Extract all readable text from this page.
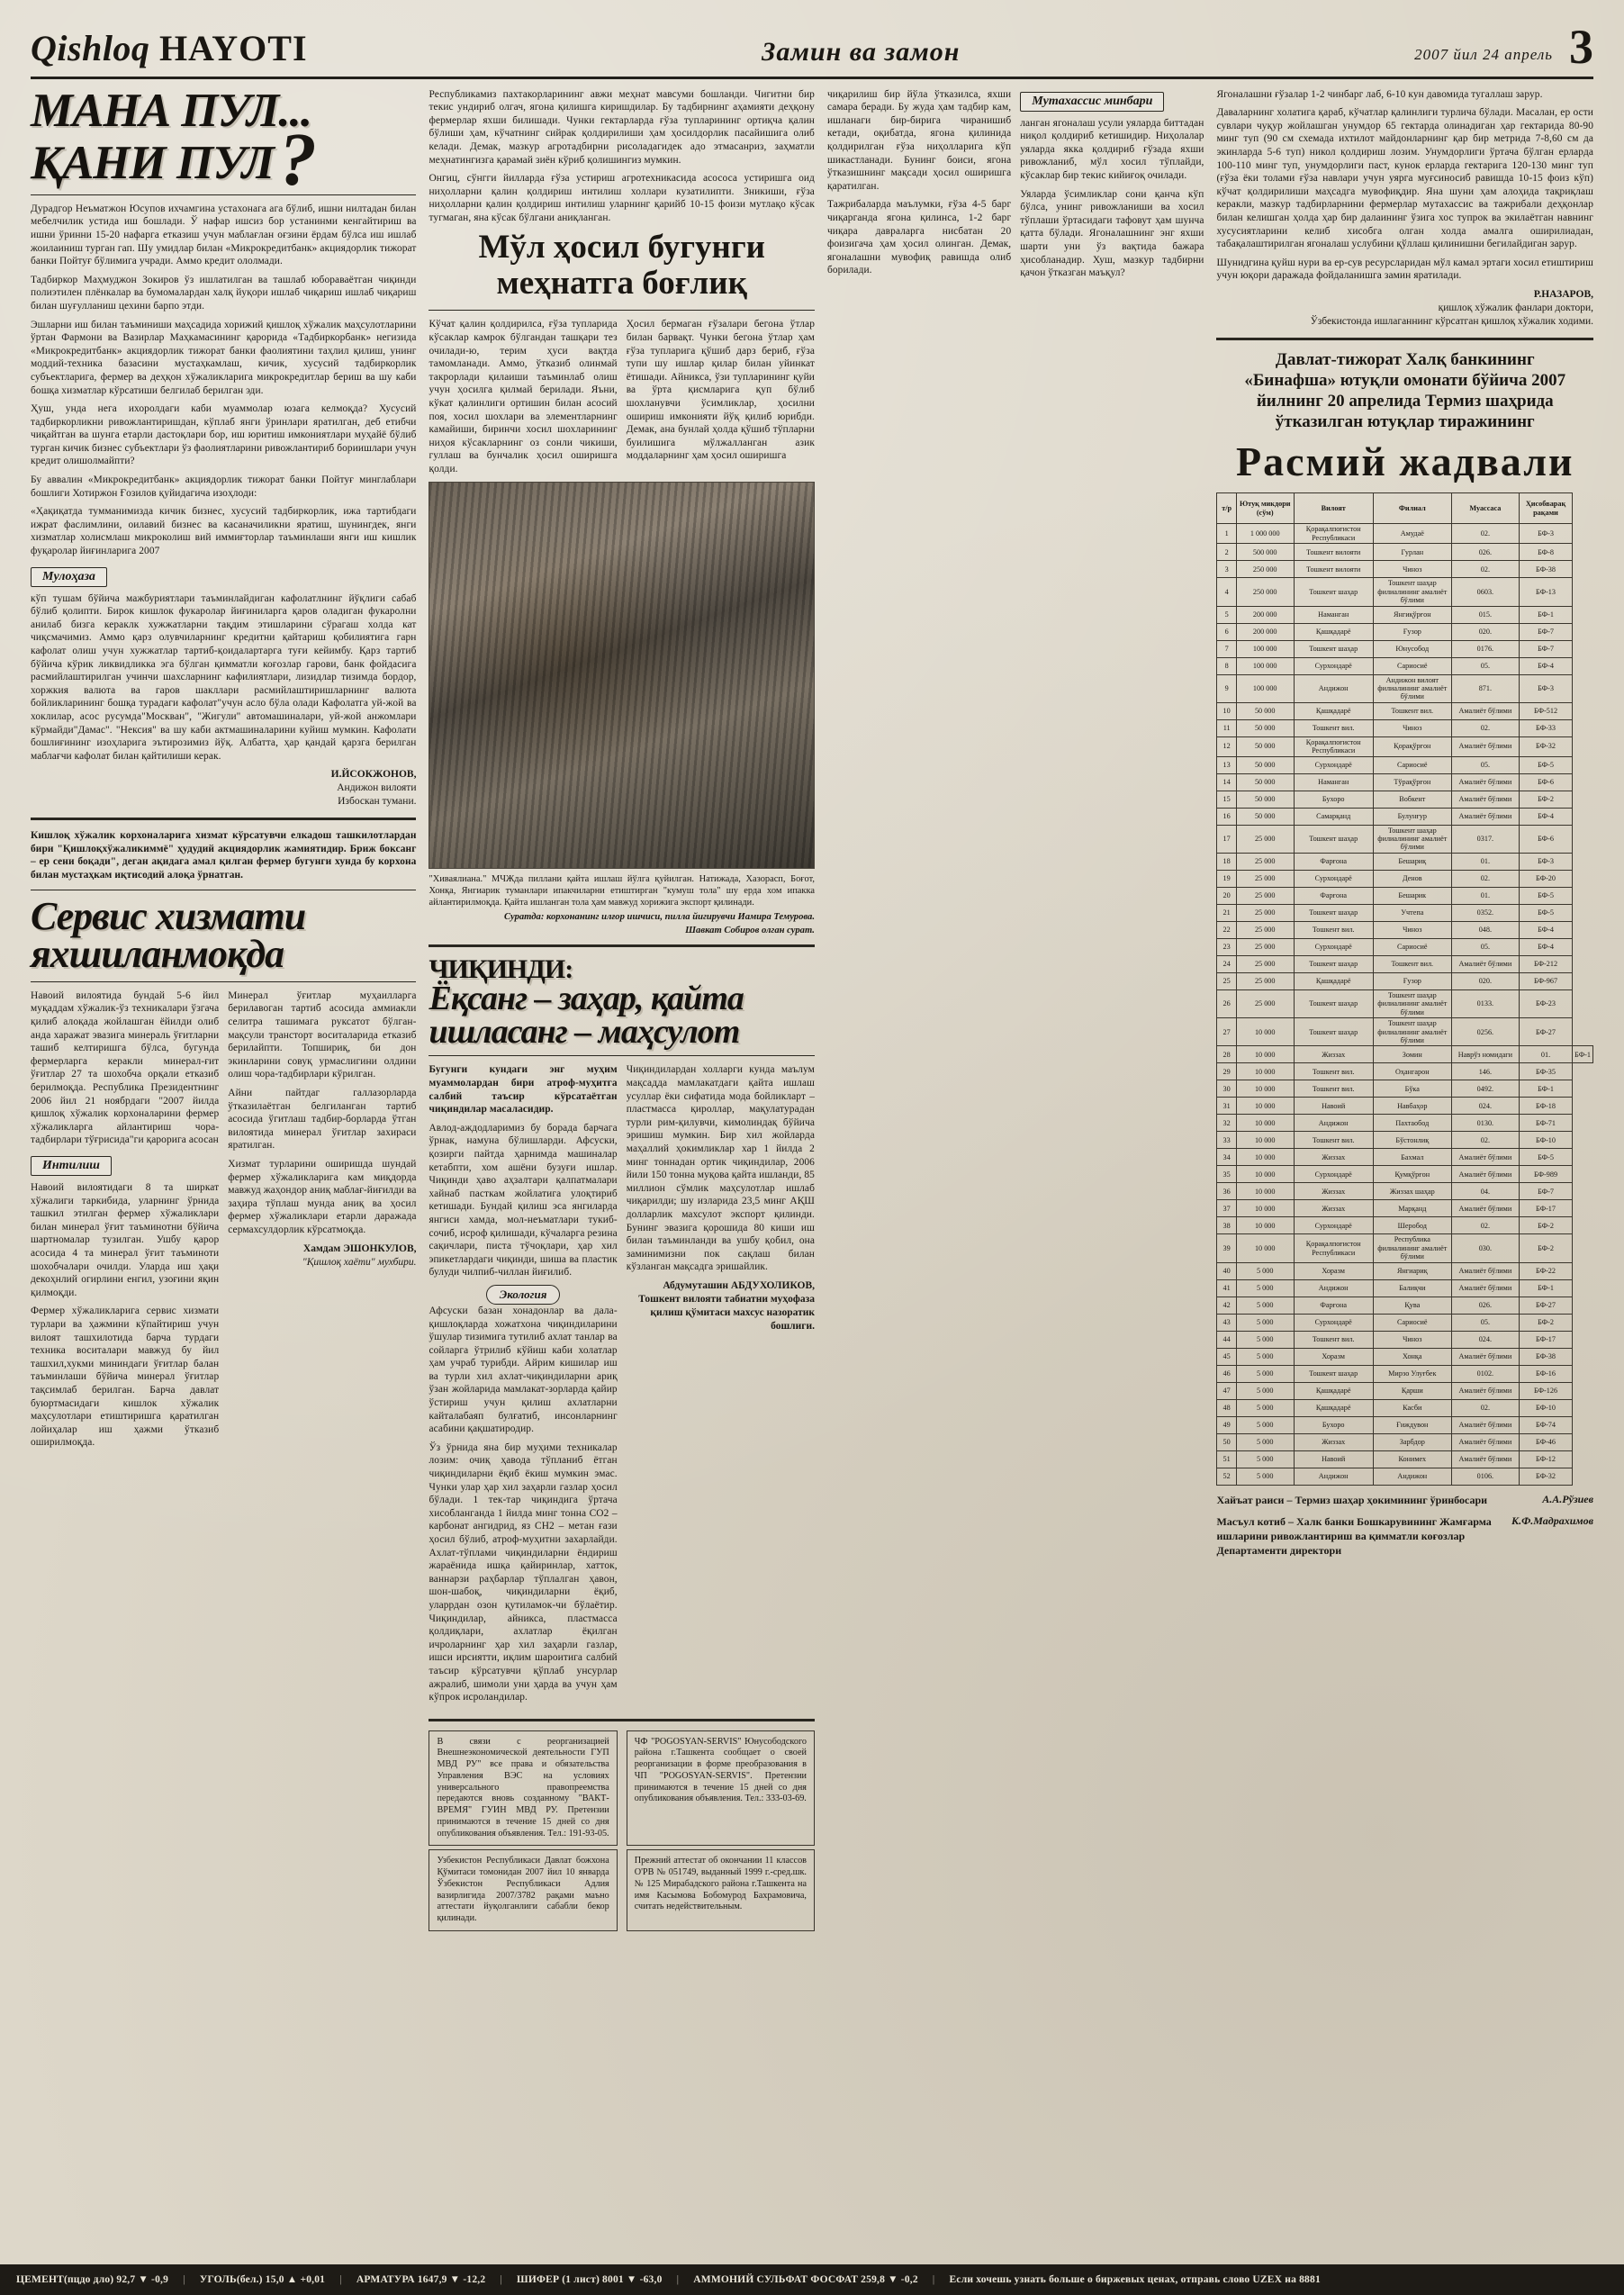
Qishloq HAYOTI	Замин ва замон	2007 йил 24 апрель 3
МАНА ПУЛ...
ҚАНИ ПУЛ ?

Дурадгор Неъматжон Юсупов ихчамгина устахонага ага бўлиб, ишни нилтадан билан мебелчилик устида иш бошлади. Ў нафар ишсиз бор устанинми кенгайтириш ва ишни ўринни 15-20 нафарга етказиш учун маблағлан оғзини ёрдам бўлса иш ишлаб жоилаиниш турган гап. Шу умидлар билан «Микрокредитбанк» акциядорлик тижорат банки Пойтуғ бўлимига учради. Аммо кредит ололмади.

Тадбиркор Маҳмуджон Зокиров ўз ишлатилган ва ташлаб юбораваётган чиқинди полиэтилен плёнкалар ва бумомалардан халқ йуқори ишлаб чиқариш ишлаб чиқариш билан шуғулланиш цехини барпо этди.

Эшларни иш билан таъминиши маҳсадида хорижий қишлоқ хўжалик маҳсулотларини ўртан Фармони ва Вазирлар Маҳкамасининг қарорида «Тадбиркорбанк» негизида «Микрокредитбанк» акциядорлик тижорат банки фаолиятини таҳлил қилиш, унинг моддий-техника базасини мустаҳкамлаш, кичик, хусусий тадбиркорлик субъектларига, фермер ва деҳқон хўжаликларига микрокредитлар бериш ва шу каби бошқа хизматлар кўрсатиши белгилаб берилган эди.

Ҳуш, унда нега ихоролдаги каби муаммолар юзага келмоқда? Хусусий тадбиркорликни ривожлантиришдан, кўплаб янги ўринлари яратилган, деб етибчи чиқайтган ва шунга етарли дастоқлари бор, иш юритиш имкониятлари муҳайё бўлиб турган кичик бизнес субъектлари ўз фаолиятларини ривожлантириб бориишлари учун кредит олишолмайпти?

Бу аввалин «Микрокредитбанк» акциядорлик тижорат банки Пойтуғ минглаблари бошлиги Хотиржон Ғозилов қуйидагича изоҳлоди:

«Ҳақиқатда тумманимизда кичик бизнес, хусусий тадбиркорлик, ижа тартибдаги ижрат фаслимлини, оилавий бизнес ва касаначиликни яратиш, шунингдек, янги хизматлар холисмлаш микроколиш вий иммиғторлар таъминлаши янги иш кишлик фуқаролар йиғинларига 2007

Мулоҳаза

кўп тушам бўйича мажбуриятлари таъминлайдиган кафолатлнинг йўқлиги сабаб бўлиб қолипти. Бирок кишлок фукаролар йиғиниларга қаров оладиган фукаролни анилаб бизга кераклк хужжатларни тақдим этишларини сўрагаш холда кат чиқсмачимиз. Аммо қарз олувчиларнинг кредитни қайтариш қобилиятига гарн кафолат олиш учун хужжатлар тартиб-қоидалартарга туғи кейимбу. Қарз тартиб бўйича кўрик ликвидликка эга бўлган қимматли коғозлар гарови, банк фойдасига расмийлаштирилган учинчи шахсларнинг кафилиятлари, лизидлар тизимда бордор, хоржкия валюта ва гаров шакллари расмийлаштиришларнинг валюта бойликларининг бошқа турадаги кафолат"учун асло бўла олади Кафолатга уй-жой ва хоклилар, асос русумда"Москван", "Жигули" автомашиналари, уй-жой анжомлари кўрмайди"Дамас". "Нексия" ва шу каби актмашиналарини куйиш мумкин. Кафолати бошлиғининг изоҳларига эътирозимиз йўқ. Албатта, ҳар қандай қарзга берилган маблағчи кафолат билан қайтилиши керак.

И.ЙСОКЖОНОВ,
Андижон вилояти
Избоскан тумани.

Кишлоқ хўжалик корхоналарига хизмат кўрсатувчи елкадош ташкилотлардан бири "Қишлоқхўжаликиммё" ҳудудий акциядорлик жамиятидир. Бриж боксанг – ер сени боқади", деган ақидага амал қилган фермер бугунги хунда бу корхона билан мустаҳкам иқтисодий алоқа ўрнатган.

Сервис хизмати
яхшиланмоқда

Навоий вилоятида бундай 5-6 йил муқаддам хўжалик-ўз техникалари ўзгача қилиб алоқада жойлашган ёйилди олиб анда харажат эвазига минераль ўғитларни ташиб келтиришга бўлса, бугунда фермерларга керакли минерал-ғит ўғитлар 27 та шохобча орқали етказиб берилмоқда. Республика Президентнинг 2006 йил 21 ноябрдаги "2007 йилда қишлоқ хўжалик корхоналарини фермер хўжаликларга айлантириш чора-тадбирлари тўғрисида"ги қарорига асосан

Интилиш

Навоий вилоятидаги 8 та ширкат хўжалиги таркибида, уларнинг ўрнида ташкил этилган фермер хўжаликлари билан минерал ўғит таъминотни бўйича шартномалар тузилган. Ушбу қарор асосида 4 та минерал ўғит таъминоти шохобчалари очилди. Уларда иш ҳақи декоҳнлий огирлини енгил, узоғини яқин қилмоқди.

Фермер хўжаликларига сервис хизмати турлари ва ҳажмини кўпайтириш учун вилоят ташхилотида барча турдаги техника воситалари мавжуд бу йил ташхил,хукми мининдаги ўғитлар балан таъминлаши бўйича минерал ўғитлар тақсимлаб берилган. Барча давлат буюртмасидаги кишлок хўжалик маҳсулотлари етиштиришга қаратилган лойиҳалар иш ҳажми ўтказиб оширилмоқда.

Минерал ўғитлар муҳаилларга берилавоган тартиб асосида аммиакли селитра ташимага руксатот бўлган-мақсули трансторт воситаларида етказиб берилайпти. Топшириқ, би дон экинларини совуқ урмаслигини олдини олиш чора-тадбирлари кўрилган.

Айни пайтдаг галлазорларда ўтказилаётган белгиланган тартиб асосида ўгитлаш тадбир-борларда ўтган вилоятида минерал ўғитлар захираси яратилган.

Хизмат турларини оширишда шундай фермер хўжаликларига кам миқдорда мавжуд жаҳондор аниқ маблағ-йиғилди ва заҳира тўплаш мунда аниқ ва ҳосил фермер хўжаликлари етарли даражада сермахсулдорлик кўрсатмоқда.

Хамдам ЭШОНКУЛОВ,
"Қишлоқ хаёти" мухбири.

Республикамиз пахтакорларининг авжи меҳнат мавсуми бошланди. Чигитни бир текис ундириб олгач, ягона қилишга киришдилар. Бу тадбирнинг аҳамияти деҳқону фермерлар яхши билишади. Чунки гектарларда ғўза тупларининг ортиқча қалин бўлиши ҳам, кўчатнинг сийрак қолдирилиши ҳам ҳосилдорлик пасайишига олиб келади. Демак, мазкур агротадбирни рисоладагидек адо этмасанриз, заҳматли меҳнатингизга қарамай зиён кўриб қолишингиз мумкин.

Онгиц, сўнгги йилларда ғўза устириш агротехникасида асососа устиришга оид ниҳолларни қалин қолдириш интилиш холлари кузатилипти. Зникиши, ғўза ниҳолларни қалин қолдириш интилиш уларнинг қарийб 10-15 фоизи мутлақо кўсак тугмаган, яна кўсак бўлгани аниқланган.

Мўл ҳосил бугунги
меҳнатга боғлиқ

Кўчат қалин қолдирилса, ғўза тупларида кўсаклар камрок бўлгандан ташқари тез очилади-ю, терим ҳуси вақтда тамомланади. Аммо, ўтказиб олинмай такрорлади қилаиши таъминлаб олиш учун ҳосилга қилмай берилади. Яъни, кўкат қалинлиги ортишин билан асосий поя, хосил шохлари ва элементларнинг камайиши, биринчи хосил шохларининг ниҳоя кўсакларнинг оз сонли чикиши, гуллаш ва бунчалик ҳосил оширишга қолди.

Ҳосил бермаган ғўзалари бегона ўтлар билан барвақт. Чунки бегона ўтлар ҳам ғўза тупларига қўшиб дарз бериб, ғўза тупи шу ишлар қилар билан уйинкат ётишади. Айникса, ўзи тупларининг қуйи ва ўрта қисмларига қуп бўлиб шохланувчи ўсимликлар, ҳосилни ошириш имконияти йўқ қилиб юрибди. Демак, ана бунлай ҳолда қўшиб тўпларни буилишига мўлжалланган азик моддаларнинг ҳам ҳосил оширишга

"Хиваялиана." МЧЖда пиллани қайта ишлаш йўлга қуйилган. Натижада, Хазорасп, Боғот, Хонқа, Янгиарик туманлари ипакчиларни етиштирган "кумуш тола" шу ерда хом ипакка айлантирилмоқда. Қайта ишланган тола ҳам мавжуд хорижига экспорт қилинади.
Суратда: корхонанинг илғор ишчиси, пилла йигирувчи Иамира Темурова.
Шавкат Собиров олган сурат.
ЧИҚИНДИ:
Ёқсанг – заҳар, қайта
ишласанг – маҳсулот

Бугунги кундаги энг муҳим муаммолардан бири атроф-муҳитга салбий таъсир кўрсатаётган чиқиндилар масаласидир.

Авлод-аждодларимиз бу борада барчага ўрнак, намуна бўлишларди. Афсуски, қозирги пайтда ҳарнимда машиналар кетабпти, хом ашёни бузуғи ишлар. Чиқинди ҳаво аҳзалтари қалпатмалари хайнаб пасткам жойлатига улоқтириб кетишади. Бундай қилиш эса янгиларда янгиси хамда, мол-неъматлари тукиб-сочиб, исроф қилишади, кўчаларга резина сақичлари, писта тўчоқлари, ҳар хил эпикетлардаги чиқинди, шиша ва пластик булуди чилпиб-чиллан йиғилиб.

Экология

Афсуски базан хонадонлар ва дала-қишлоқларда хожатхона чиқиндиларини ўшулар тизимига тутилиб ахлат танлар ва сойларга ўтрилиб кўйиш каби холатлар ҳам учраб турибди. Айрим кишилар иш ва турли хил ахлат-чиқиндиларни ариқ ўзан жойларида мамлакат-зорларда қайир ўстириш учун қилиш ахлатларни кайталабаяп булғатиб, инсонларнинг асабини қақшатиродир.

Ўз ўрнида яна бир муҳими техникалар лозим: очиқ ҳавода тўпланиб ётган чиқиндиларни ёқиб ёкиш мумкин эмас. Чунки улар ҳар хил заҳарли газлар ҳосил бўлади. 1 тек-тар чиқиндига ўртача хисобланганда 1 йилда минг тонна СО2 – карбонат ангидрид, яз СН2 – метан ғази ҳосил бўлиб, атроф-муҳитни захарлайди. Ахлат-тўплами чиқиндиларни ёндириш жараёнида ишқа қайиринлар, хатток, ваннарзи раҳбарлар тўплалган ҳавон, шон-шабоқ, чиқиндиларни ёқиб, уларрдан озон қутиламок-чи бўлаётир. Чиқиндилар, айникса, пластмасса қолдиқлари, ахлатлар ёқилган ичроларнинг ҳар хил заҳарли газлар, ишси ирсиятти, иқлим шароитига салбий таъсир кўрсатувчи қўплаб унсурлар ажралиб, шимоли уни ҳарда ва учун ҳам кўпрок исроландилар.

Чиқиндилардан холларги кунда маълум мақсадда мамлакатдаги қайта ишлаш усуллар ёки сифатида мода бойликларт – пластмасса қироллар, мақулатурадан турли рим-қилувчи, кимолиндақ бўйича эришиш мумкин. Бир хил жойларда маҳаллий ҳокимликлар хар 1 йилда 2 минг тоннадан ортик чиқиндилар, 2006 йили 150 тонна муқова қайта ишланди, 85 миллион сўмлик маҳсулотлар ишлаб чиқарилди; шу изларида 23,5 минг АҚШ долларлик махсулот экспорт қилинди. Бунинг эвазига қорошида 80 киши иш билан таъминланди ва ушбу қобил, она заминимизни пок сақлаш билан кўзланган мақсадга эришайлик.

Абдумуташин АБДУХОЛИКОВ, Тошкент вилояти табиатни муҳофаза қилиш қўмитаси махсус назоратик бошлиги.
В связи с реорганизацией Внешнеэкономической деятельности ГУП МВД РУ" все права и обязательства Управления ВЭС на условиях универсального правопреемства передаются вновь созданному "ВАКТ-ВРЕМЯ" ГУИН МВД РУ. Претензии принимаются в течение 15 дней со дня опубликования объявления. Тел.: 191-93-05.
ЧФ "POGOSYAN-SERVIS" Юнусободского района г.Ташкента сообщает о своей реорганизации в форме преобразования в ЧП "POGOSYAN-SERVIS". Претензии принимаются в течение 15 дней со дня опубликования объявления. Тел.: 333-03-69.
Узбекистон Республикаси Давлат божхона Қўмитаси томонидан 2007 йил 10 январда Ўзбекистон Республикаси Адлия вазирлигида 2007/3782 рақами маъно аттестати йуқолганлиги сабабли бекор қилинади.
Прежний аттестат об окончании 11 классов О'РВ № 051749, выданный 1999 г.-сред.шк. № 125 Мирабадского района г.Ташкента на имя Касымова Бобомурод Бахрамовича, считать недействительным.

чиқарилиш бир йўла ўтказилса, яхши самара беради. Бу жуда ҳам тадбир кам, ишланаги бир-бирига чиранишиб кетади, оқибатда, ягона қилинида қолдирилган ғўза ниҳолларига кўп шикастланади. Бунинг боиси, ягона ўтказишнинг мақсади ҳосил оширишга қаратилган.

Тажрибаларда маълумки, ғўза 4-5 барг чиқарганда ягона қилинса, 1-2 барг чиқара давраларга нисбатан 20 фоизигача ҳам ҳосил олинган. Демак, ягоналашни мувофиқ равишда олиб борилади.

Мутахассис минбари

ланган ягоналаш усули уяларда биттадан ниқол қолдириб кетишидир. Ниҳолалар уяларда яккa қолдириб ғўзада яхши ривожланиб, мўл хосил тўплайди, кўсаклар бир текис кийиғоқ очилади.

Уяларда ўсимликлар сони қанча кўп бўлса, унинг ривожланиши ва хосил тўплаши ўртасидаги тафовут ҳам шунча қатта бўлади. Ягоналашнинг энг яхши шарти уни ўз вақтида бажара ҳисобланадир. Хуш, мазкур тадбирни қачон ўтказган маъқул?

Ягоналашни ғўзалар 1-2 чинбарг лаб, 6-10 кун давомида тугаллаш зарур.

Даваларнинг холатига қараб, кўчатлар қалинлиги турлича бўлади. Масалан, ер ости сувлари чуқур жойлашган унумдор 65 гектарда олинадиган ҳар гектарида 80-90 минг туп (90 см схемада ихтилот майдонларнинг қар бир метрида 7-8,60 см да экинларда 5-6 туп) никол қолдириш лозим. Унумдорлиги ўртача бўлган ерларда 100-110 минг туп, унумдорлиги паст, кунок ерларда гектарига 120-130 минг туп (ғўза ёки толами ғўза навлари учун уярга муғсиносиб равишда 10-15 фоиз кўп) кўчат қолдирилиши маҳсадга мувофиқдир. Яна шуни ҳам алоҳида тақриқлаш керакли, мазкур тадбирларнини фермерлар мутахассис ва тажрибали деҳқонлар билан келишган ҳолда ҳар бир далаининг ўзига хос тупрок ва экилаётган навнинг хусусиятларини келиб хисобга олган холда амалга оширилиадан, табақалаштирилган ягоналаш услубини қўллаш қилинишни бегилайдиган зарур.

Шунидгина қуйш нури ва ер-сув ресурсларидан мўл камал эртаги хосил етиштириш учун юқори даражада фойдаланишга замин яратилади.

Р.НАЗАРОВ,
қишлоқ хўжалик фанлари доктори,
Ўзбекистонда ишлаганнинг кўрсатган қишлоқ хўжалик ходими.
Давлат-тижорат Халқ банкининг
«Бинафша» ютуқли омонати бўйича 2007
йилнинг 20 апрелида Термиз шаҳрида
ўтказилган ютуқлар тиражининг
Расмий жадвали
т/р	Ютуқ микдори (сўм)	Вилоят	Филиал	Муассаса	Ҳисобварақ рақами	
1	1 000 000	Қорақалпоғистон Республикаси	Амудаё	02.	БФ-3	
2	500 000	Тошкент вилояти	Гурлан	026.	БФ-8	
3	250 000	Тошкент вилояти	Чиноз	02.	БФ-38	
4	250 000	Тошкент шаҳар	Тошкент шаҳар филиалининг амалиёт бўлими	0603.	БФ-13	
5	200 000	Наманган	Янгиқўрғон	015.	БФ-1	
6	200 000	Қашқадарё	Ғузор	020.	БФ-7	
7	100 000	Тошкент шаҳар	Юнусобод	0176.	БФ-7	
8	100 000	Сурхондарё	Сариосиё	05.	БФ-4	
9	100 000	Андижон	Андижон вилоят филиалининг амалиёт бўлими	871.	БФ-3	
10	50 000	Қашқадарё	Тошкент вил.	Амалиёт бўлими	БФ-512	
11	50 000	Тошкент вил.	Чиноз	02.	БФ-33	
12	50 000	Қорақалпоғистон Республикаси	Қорақўрғон	Амалиёт бўлими	БФ-32	
13	50 000	Сурхондарё	Сариосиё	05.	БФ-5	
14	50 000	Наманган	Тўрақўрғон	Амалиёт бўлими	БФ-6	
15	50 000	Бухоро	Вобкент	Амалиёт бўлими	БФ-2	
16	50 000	Самарқанд	Булунғур	Амалиёт бўлими	БФ-4	
17	25 000	Тошкент шаҳар	Тошкент шаҳар филиалининг амалиёт бўлими	0317.	БФ-6	
18	25 000	Фарғона	Бешариқ	01.	БФ-3	
19	25 000	Сурхондарё	Денов	02.	БФ-20	
20	25 000	Фарғона	Бешарик	01.	БФ-5	
21	25 000	Тошкент шаҳар	Учтепа	0352.	БФ-5	
22	25 000	Тошкент вил.	Чиноз	048.	БФ-4	
23	25 000	Сурхондарё	Сариосиё	05.	БФ-4	
24	25 000	Тошкент шаҳар	Тошкент вил.	Амалиёт бўлими	БФ-212	
25	25 000	Қашқадарё	Ғузор	020.	БФ-967	
26	25 000	Тошкент шаҳар	Тошкент шаҳар филиалининг амалиёт бўлими	0133.	БФ-23	
27	10 000	Тошкент шаҳар	Тошкент шаҳар филиалининг амалиёт бўлими	0256.	БФ-27	
28	10 000	Жиззах	Зомин	Наврўз номидаги	01.	БФ-1
29	10 000	Тошкент вил.	Оҳангарон	146.	БФ-35	
30	10 000	Тошкент вил.	Бўка	0492.	БФ-1	
31	10 000	Навоий	Навбаҳор	024.	БФ-18	
32	10 000	Андижон	Пахтаобод	0130.	БФ-71	
33	10 000	Тошкент вил.	Бўстонлиқ	02.	БФ-10	
34	10 000	Жиззах	Бахмал	Амалиёт бўлими	БФ-5	
35	10 000	Сурхондарё	Қумқўрғон	Амалиёт бўлими	БФ-989	
36	10 000	Жиззах	Жиззах шаҳар	04.	БФ-7	
37	10 000	Жиззах	Марқанд	Амалиёт бўлими	БФ-17	
38	10 000	Сурхондарё	Шеробод	02.	БФ-2	
39	10 000	Қорақалпоғистон Республикаси	Республика филиалининг амалиёт бўлими	030.	БФ-2	
40	5 000	Хоразм	Янгиариқ	Амалиёт бўлими	БФ-22	
41	5 000	Андижон	Балиқчи	Амалиёт бўлими	БФ-1	
42	5 000	Фарғона	Қува	026.	БФ-27	
43	5 000	Сурхондарё	Сариосиё	05.	БФ-2	
44	5 000	Тошкент вил.	Чиноз	024.	БФ-17	
45	5 000	Хоразм	Хонқа	Амалиёт бўлими	БФ-38	
46	5 000	Тошкент шаҳар	Мирзо Улуғбек	0102.	БФ-16	
47	5 000	Қашқадарё	Қарши	Амалиёт бўлими	БФ-126	
48	5 000	Қашқадарё	Касби	02.	БФ-10	
49	5 000	Бухоро	Ғиждувон	Амалиёт бўлими	БФ-74	
50	5 000	Жиззах	Зарбдор	Амалиёт бўлими	БФ-46	
51	5 000	Навоий	Конимех	Амалиёт бўлими	БФ-12	
52	5 000	Андижон	Андижон	0106.	БФ-32	
Хайъат раиси – Термиз шаҳар ҳокимининг ўринбосари	А.А.Рўзиев
Масъул котиб – Халк банки Бошкарувининг Жамғарма ишларини ривожлантириш ва қимматли коғозлар Департаменти директори
К.Ф.Мадрахимов
ЦЕМЕНТ(пцдо дло) 92,7 ▼ -0,9 | УГОЛЬ(бел.) 15,0 ▲ +0,01 | АРМАТУРА 1647,9 ▼ -12,2 | ШИФЕР (1 лист) 8001 ▼ -63,0 | АММОНИЙ СУЛЬФАТ ФОСФАТ 259,8 ▼ -0,2 | Если хочешь узнать больше о биржевых ценах, отправь слово UZEX на 8881
